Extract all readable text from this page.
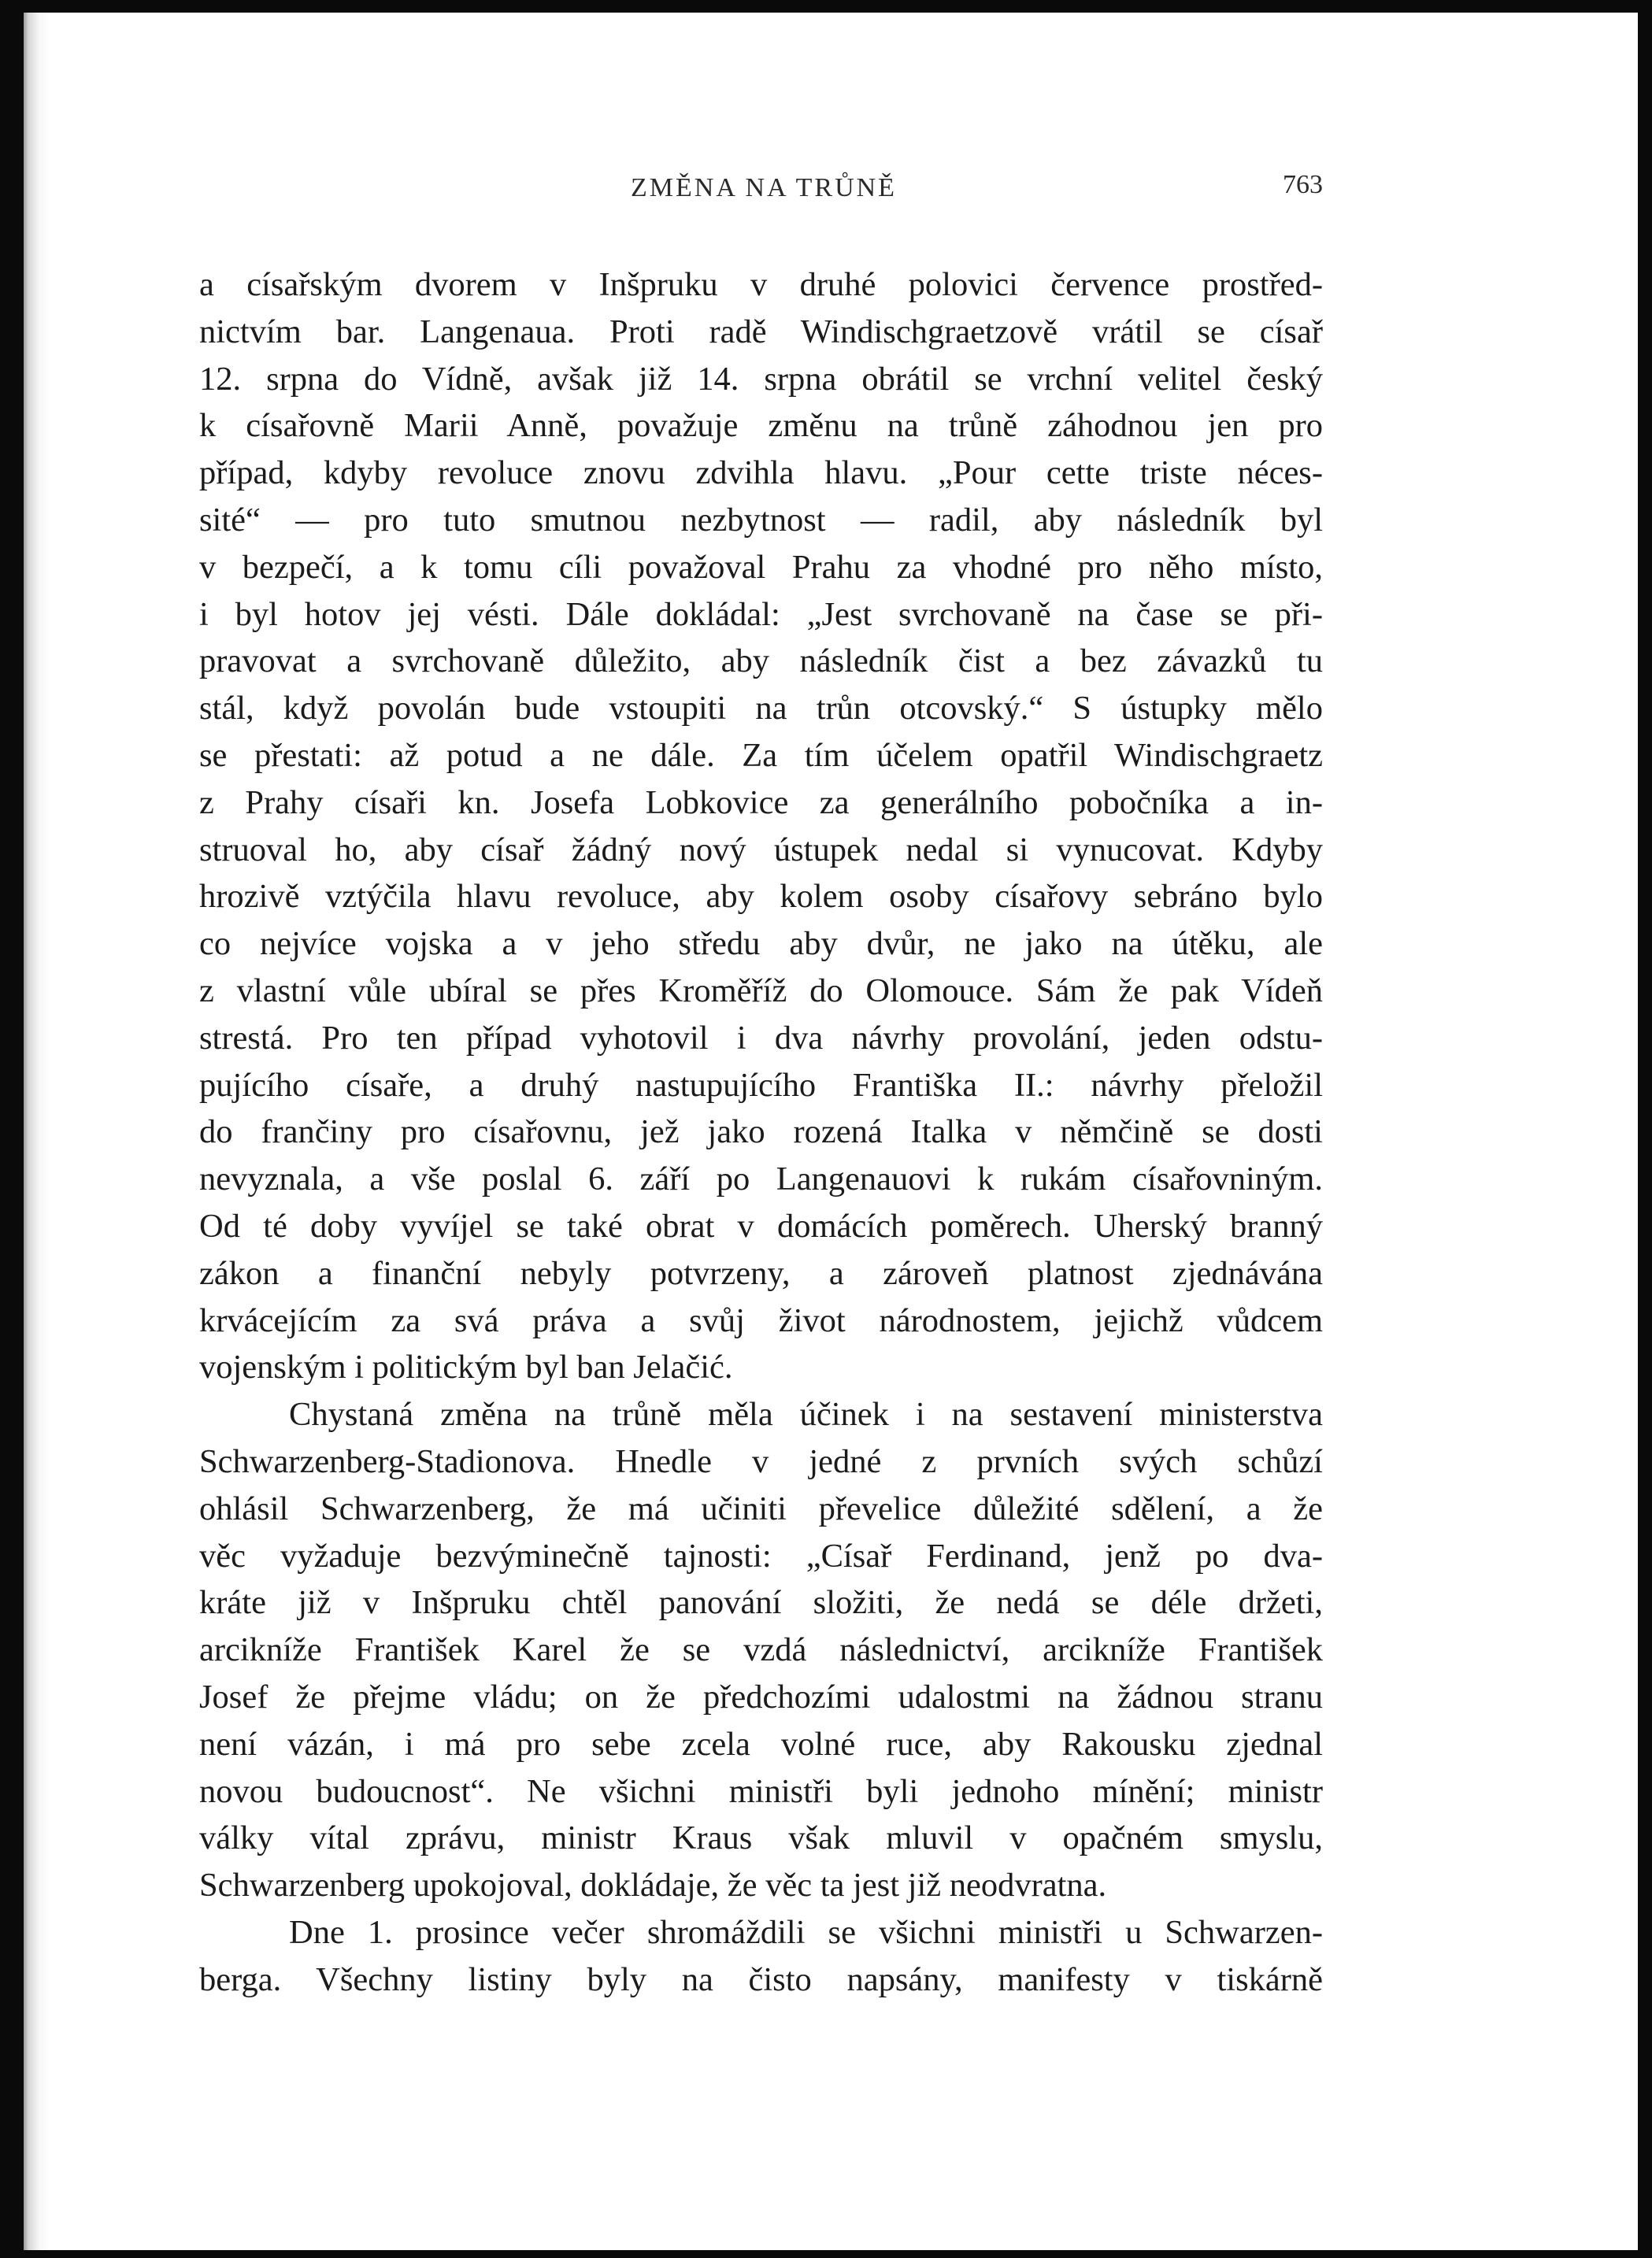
ZMĚNA NA TRŮNĚ	763

a císařským dvorem v Inšpruku v druhé polovici července prostřed-

nictvím bar. Langenaua. Proti radě Windischgraetzově vrátil se císař

12. srpna do Vídně, avšak již 14. srpna obrátil se vrchní velitel český

k císařovně Marii Anně, považuje změnu na trůně záhodnou jen pro

případ, kdyby revoluce znovu zdvihla hlavu. „Pour cette triste néces-

sité“ — pro tuto smutnou nezbytnost — radil, aby následník byl

v bezpečí, a k tomu cíli považoval Prahu za vhodné pro něho místo,

i byl hotov jej vésti. Dále dokládal: „Jest svrchovaně na čase se při-

pravovat a svrchovaně důležito, aby následník čist a bez závazků tu

stál, když povolán bude vstoupiti na trůn otcovský.“ S ústupky mělo

se přestati: až potud a ne dále. Za tím účelem opatřil Windischgraetz

z Prahy císaři kn. Josefa Lobkovice za generálního pobočníka a in-

struoval ho, aby císař žádný nový ústupek nedal si vynucovat. Kdyby

hrozivě vztýčila hlavu revoluce, aby kolem osoby císařovy sebráno bylo

co nejvíce vojska a v jeho středu aby dvůr, ne jako na útěku, ale

z vlastní vůle ubíral se přes Kroměříž do Olomouce. Sám že pak Vídeň

strestá. Pro ten případ vyhotovil i dva návrhy provolání, jeden odstu-

pujícího císaře, a druhý nastupujícího Františka II.: návrhy přeložil

do frančiny pro císařovnu, jež jako rozená Italka v němčině se dosti

nevyznala, a vše poslal 6. září po Langenauovi k rukám císařovniným.

Od té doby vyvíjel se také obrat v domácích poměrech. Uherský branný

zákon a finanční nebyly potvrzeny, a zároveň platnost zjednávána

krvácejícím za svá práva a svůj život národnostem, jejichž vůdcem

vojenským i politickým byl ban Jelačić.

Chystaná změna na trůně měla účinek i na sestavení ministerstva

Schwarzenberg-Stadionova. Hnedle v jedné z prvních svých schůzí

ohlásil Schwarzenberg, že má učiniti převelice důležité sdělení, a že

věc vyžaduje bezvýminečně tajnosti: „Císař Ferdinand, jenž po dva-

kráte již v Inšpruku chtěl panování složiti, že nedá se déle držeti,

arcikníže František Karel že se vzdá následnictví, arcikníže František

Josef že přejme vládu; on že předchozími udalostmi na žádnou stranu

není vázán, i má pro sebe zcela volné ruce, aby Rakousku zjednal

novou budoucnost“. Ne všichni ministři byli jednoho mínění; ministr

války vítal zprávu, ministr Kraus však mluvil v opačném smyslu,

Schwarzenberg upokojoval, dokládaje, že věc ta jest již neodvratna.

Dne 1. prosince večer shromáždili se všichni ministři u Schwarzen-

berga. Všechny listiny byly na čisto napsány, manifesty v tiskárně
